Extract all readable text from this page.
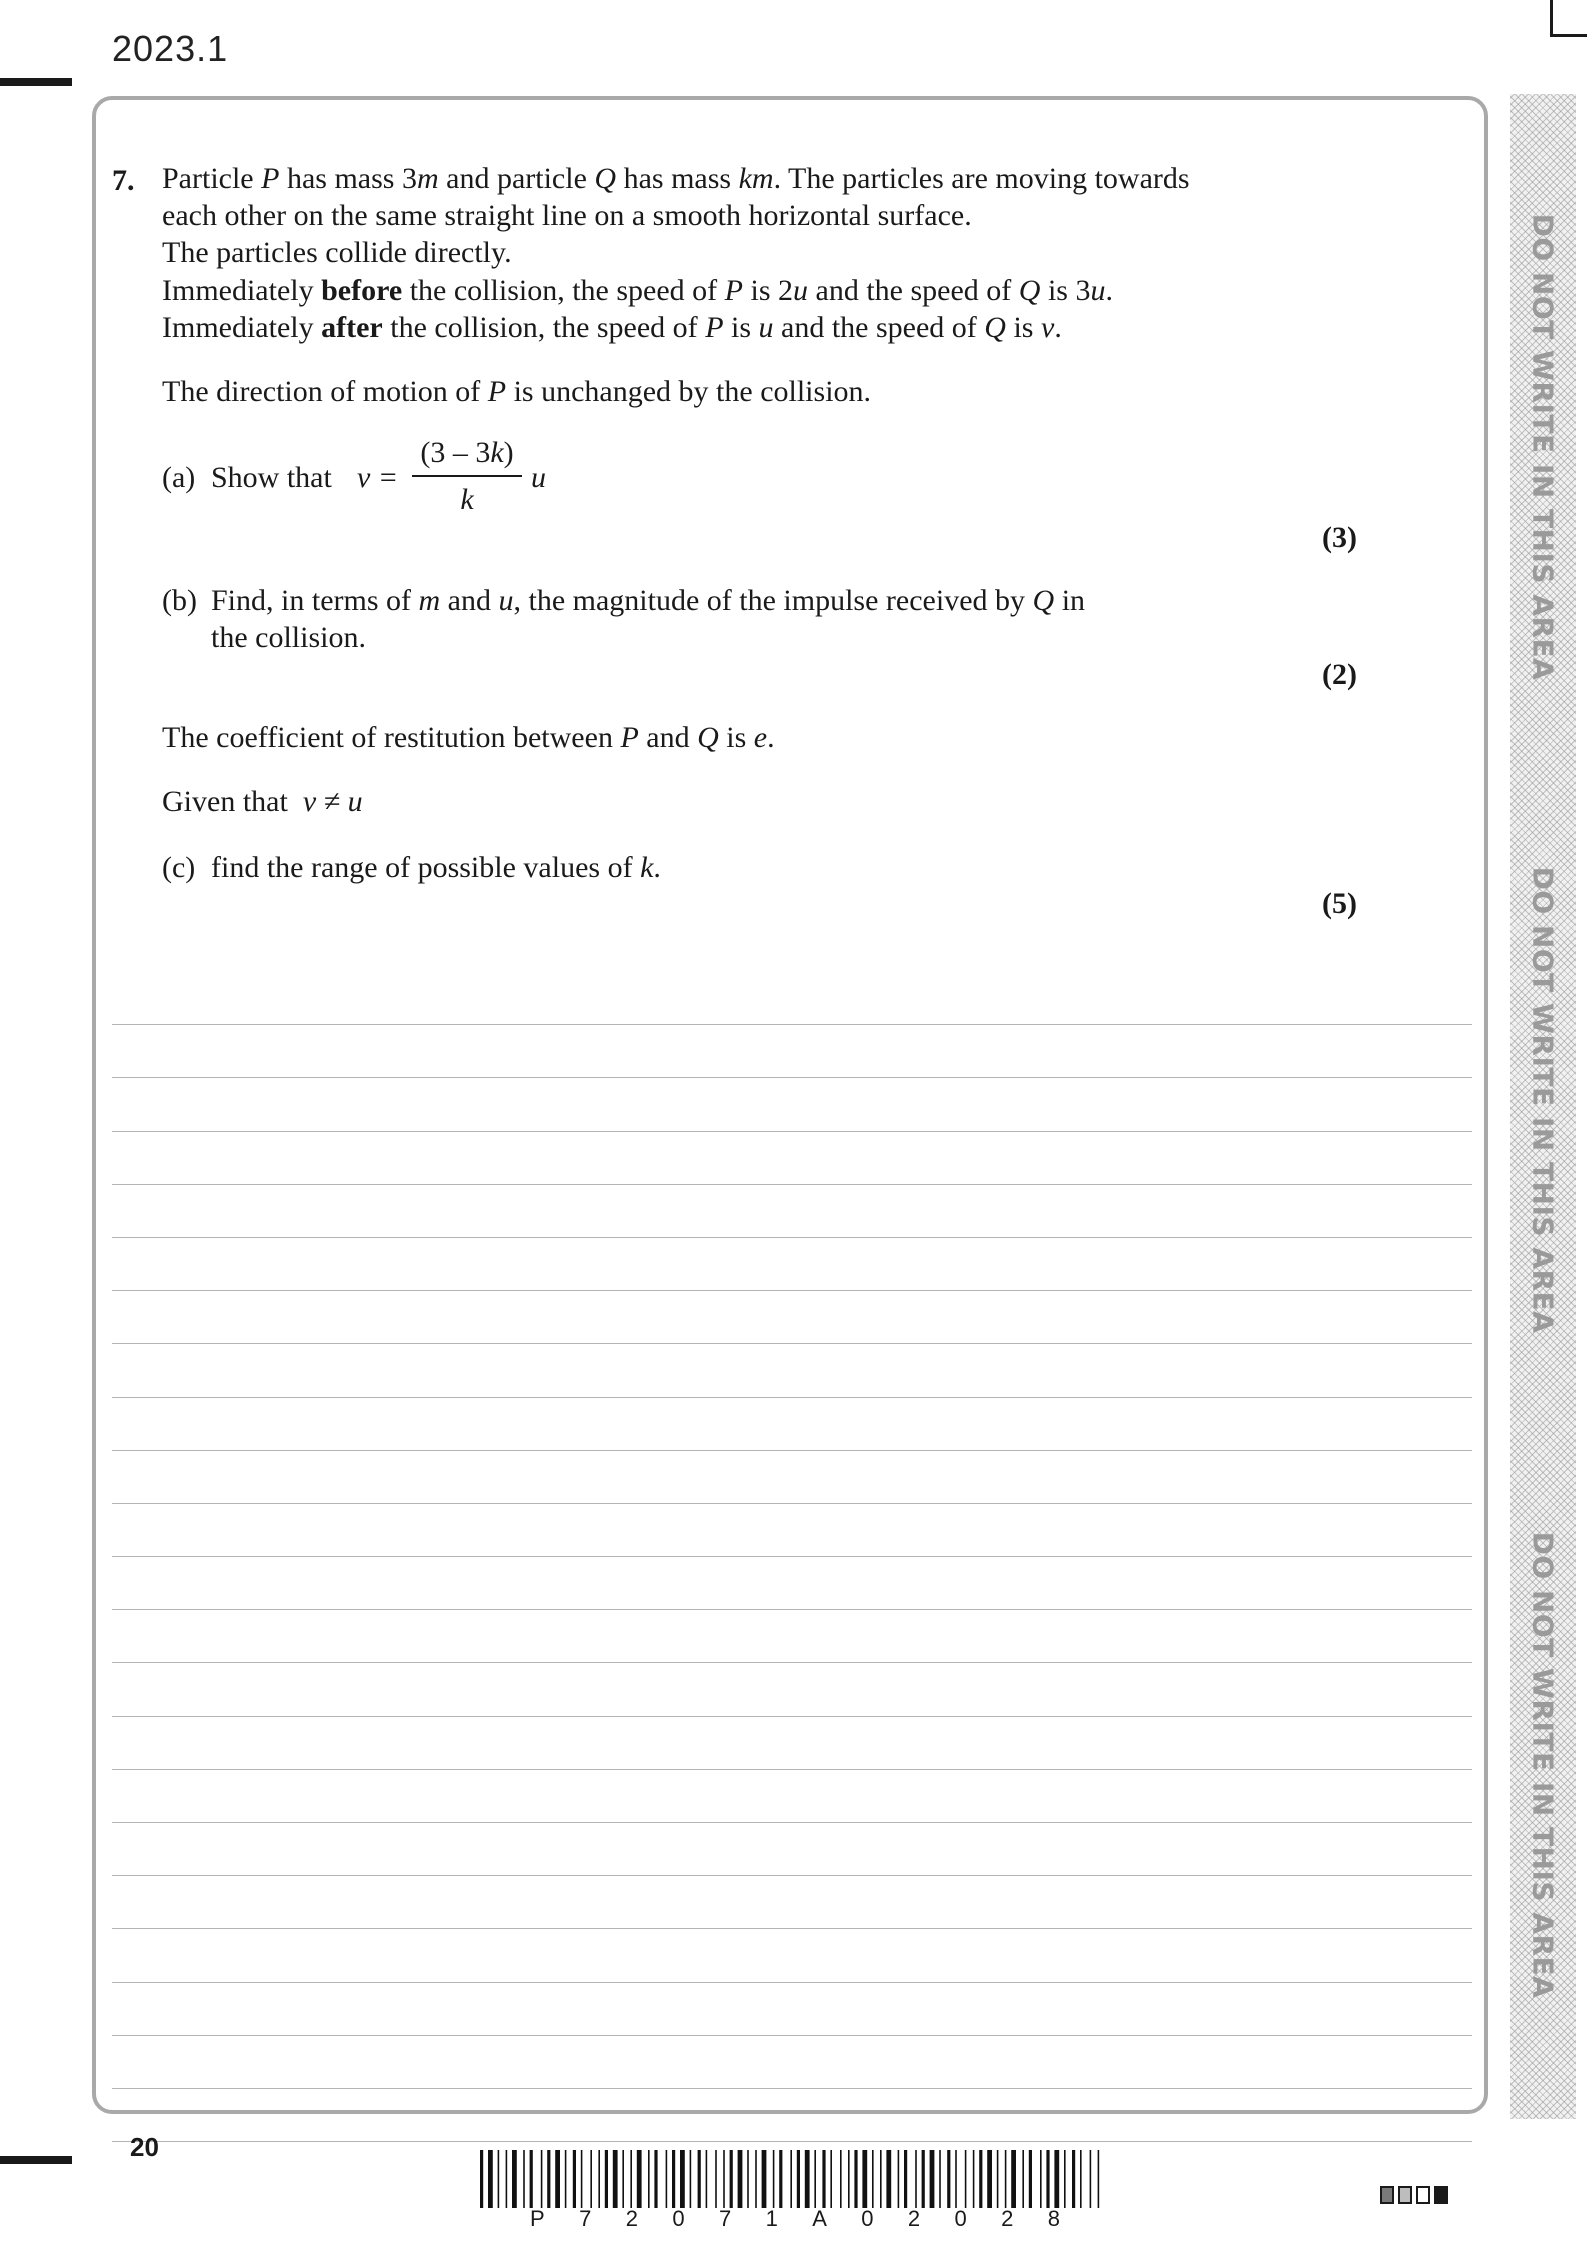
2023.1
DO NOT WRITE IN THIS AREA
DO NOT WRITE IN THIS AREA
DO NOT WRITE IN THIS AREA
7. Particle P has mass 3m and particle Q has mass km. The particles are moving towards
each other on the same straight line on a smooth horizontal surface.
The particles collide directly.
Immediately before the collision, the speed of P is 2u and the speed of Q is 3u.
Immediately after the collision, the speed of P is u and the speed of Q is v.
The direction of motion of P is unchanged by the collision.
(a) Show that v =
(3 – 3k)
k
u
(3)
(b) Find, in terms of m and u, the magnitude of the impulse received by Q in
the collision.
(2)
The coefficient of restitution between P and Q is e.
Given that  v ≠ u
(c) find the range of possible values of k.
(5)
20
P 7 2 0 7 1 A 0 2 0 2 8
